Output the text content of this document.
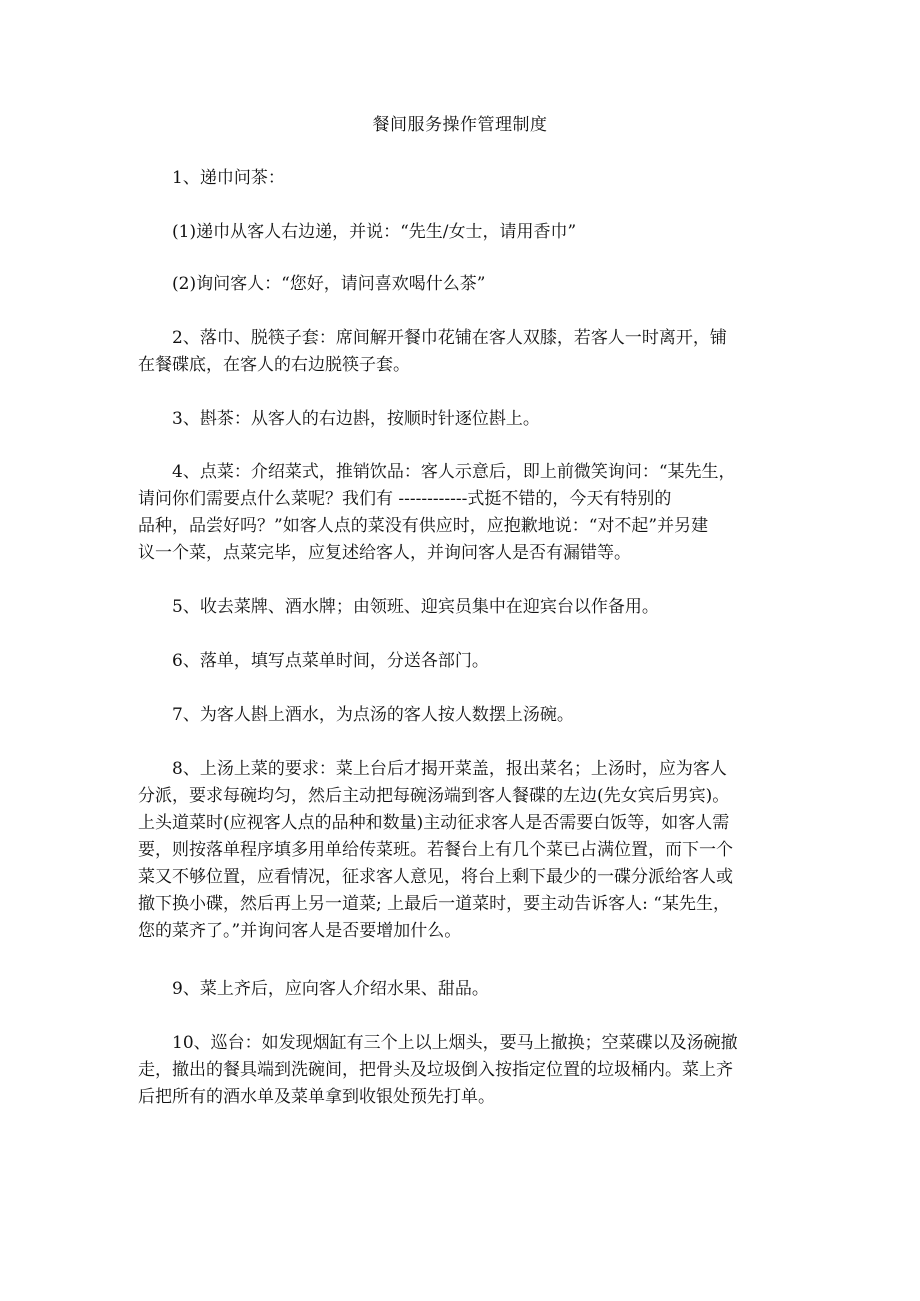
餐间服务操作管理制度
1、递巾问茶：
(1)递巾从客人右边递，并说：“先生/女士，请用香巾”
(2)询问客人：“您好，请问喜欢喝什么茶”
2、落巾、脱筷子套：席间解开餐巾花铺在客人双膝，若客人一时离开，铺
在餐碟底，在客人的右边脱筷子套。
3、斟茶：从客人的右边斟，按顺时针逐位斟上。
4、点菜：介绍菜式，推销饮品：客人示意后，即上前微笑询问：“某先生，
请问你们需要点什么菜呢？我们有 ------------式挺不错的，今天有特别的
品种，品尝好吗？”如客人点的菜没有供应时，应抱歉地说：“对不起”并另建
议一个菜，点菜完毕，应复述给客人，并询问客人是否有漏错等。
5、收去菜牌、酒水牌；由领班、迎宾员集中在迎宾台以作备用。
6、落单，填写点菜单时间，分送各部门。
7、为客人斟上酒水，为点汤的客人按人数摆上汤碗。
8、上汤上菜的要求：菜上台后才揭开菜盖，报出菜名；上汤时，应为客人
分派，要求每碗均匀，然后主动把每碗汤端到客人餐碟的左边(先女宾后男宾)。
上头道菜时(应视客人点的品种和数量)主动征求客人是否需要白饭等，如客人需
要，则按落单程序填多用单给传菜班。若餐台上有几个菜已占满位置，而下一个
菜又不够位置，应看情况，征求客人意见，将台上剩下最少的一碟分派给客人或
撤下换小碟，然后再上另一道菜; 上最后一道菜时，要主动告诉客人: “某先生，
您的菜齐了。”并询问客人是否要增加什么。
9、菜上齐后，应向客人介绍水果、甜品。
10、巡台：如发现烟缸有三个上以上烟头，要马上撤换；空菜碟以及汤碗撤
走，撤出的餐具端到洗碗间，把骨头及垃圾倒入按指定位置的垃圾桶内。菜上齐
后把所有的酒水单及菜单拿到收银处预先打单。
